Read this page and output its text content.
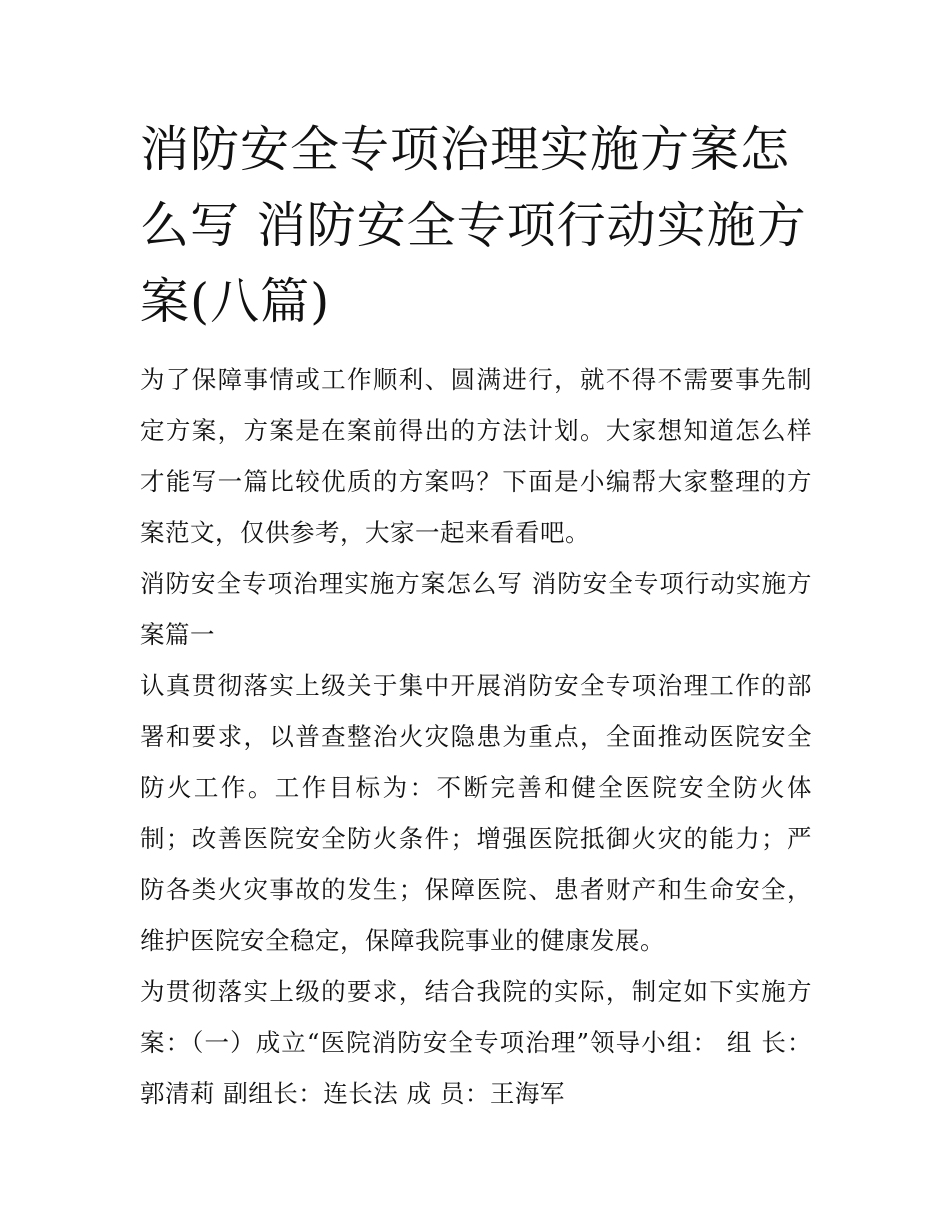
消防安全专项治理实施方案怎么写 消防安全专项行动实施方案(八篇)

为了保障事情或工作顺利、圆满进行，就不得不需要事先制定方案，方案是在案前得出的方法计划。大家想知道怎么样才能写一篇比较优质的方案吗？下面是小编帮大家整理的方案范文，仅供参考，大家一起来看看吧。

消防安全专项治理实施方案怎么写 消防安全专项行动实施方案篇一

认真贯彻落实上级关于集中开展消防安全专项治理工作的部署和要求，以普查整治火灾隐患为重点，全面推动医院安全防火工作。工作目标为：不断完善和健全医院安全防火体制；改善医院安全防火条件；增强医院抵御火灾的能力；严防各类火灾事故的发生；保障医院、患者财产和生命安全，维护医院安全稳定，保障我院事业的健康发展。

为贯彻落实上级的要求，结合我院的实际，制定如下实施方案：（一）成立“医院消防安全专项治理”领导小组： 组 长：郭清莉 副组长：连长法 成 员：王海军
